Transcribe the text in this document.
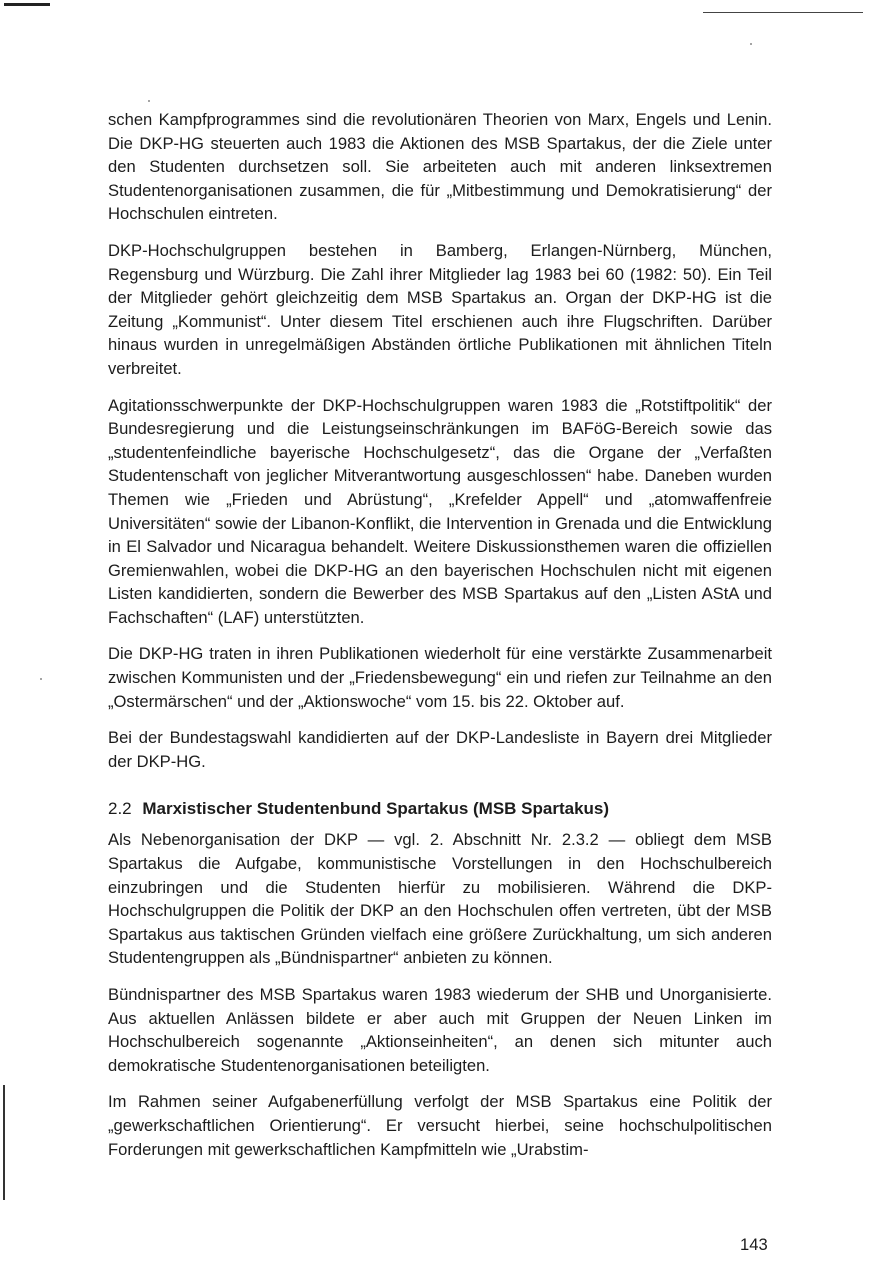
schen Kampfprogrammes sind die revolutionären Theorien von Marx, Engels und Lenin. Die DKP-HG steuerten auch 1983 die Aktionen des MSB Spartakus, der die Ziele unter den Studenten durchsetzen soll. Sie arbeiteten auch mit anderen linksextremen Studentenorganisationen zusammen, die für „Mitbestimmung und Demokratisierung“ der Hochschulen eintreten.

DKP-Hochschulgruppen bestehen in Bamberg, Erlangen-Nürnberg, München, Regensburg und Würzburg. Die Zahl ihrer Mitglieder lag 1983 bei 60 (1982: 50). Ein Teil der Mitglieder gehört gleichzeitig dem MSB Spartakus an. Organ der DKP-HG ist die Zeitung „Kommunist“. Unter diesem Titel erschienen auch ihre Flugschriften. Darüber hinaus wurden in unregelmäßigen Abständen örtliche Publikationen mit ähnlichen Titeln verbreitet.

Agitationsschwerpunkte der DKP-Hochschulgruppen waren 1983 die „Rotstiftpolitik“ der Bundesregierung und die Leistungseinschränkungen im BAFöG-Bereich sowie das „studentenfeindliche bayerische Hochschulgesetz“, das die Organe der „Verfaßten Studentenschaft von jeglicher Mitverantwortung ausgeschlossen“ habe. Daneben wurden Themen wie „Frieden und Abrüstung“, „Krefelder Appell“ und „atomwaffenfreie Universitäten“ sowie der Libanon-Konflikt, die Intervention in Grenada und die Entwicklung in El Salvador und Nicaragua behandelt. Weitere Diskussionsthemen waren die offiziellen Gremienwahlen, wobei die DKP-HG an den bayerischen Hochschulen nicht mit eigenen Listen kandidierten, sondern die Bewerber des MSB Spartakus auf den „Listen AStA und Fachschaften“ (LAF) unterstützten.

Die DKP-HG traten in ihren Publikationen wiederholt für eine verstärkte Zusammenarbeit zwischen Kommunisten und der „Friedensbewegung“ ein und riefen zur Teilnahme an den „Ostermärschen“ und der „Aktionswoche“ vom 15. bis 22. Oktober auf.

Bei der Bundestagswahl kandidierten auf der DKP-Landesliste in Bayern drei Mitglieder der DKP-HG.

2.2 Marxistischer Studentenbund Spartakus (MSB Spartakus)

Als Nebenorganisation der DKP — vgl. 2. Abschnitt Nr. 2.3.2 — obliegt dem MSB Spartakus die Aufgabe, kommunistische Vorstellungen in den Hochschulbereich einzubringen und die Studenten hierfür zu mobilisieren. Während die DKP-Hochschulgruppen die Politik der DKP an den Hochschulen offen vertreten, übt der MSB Spartakus aus taktischen Gründen vielfach eine größere Zurückhaltung, um sich anderen Studentengruppen als „Bündnispartner“ anbieten zu können.

Bündnispartner des MSB Spartakus waren 1983 wiederum der SHB und Unorganisierte. Aus aktuellen Anlässen bildete er aber auch mit Gruppen der Neuen Linken im Hochschulbereich sogenannte „Aktionseinheiten“, an denen sich mitunter auch demokratische Studentenorganisationen beteiligten.

Im Rahmen seiner Aufgabenerfüllung verfolgt der MSB Spartakus eine Politik der „gewerkschaftlichen Orientierung“. Er versucht hierbei, seine hochschulpolitischen Forderungen mit gewerkschaftlichen Kampfmitteln wie „Urabstim-

143
